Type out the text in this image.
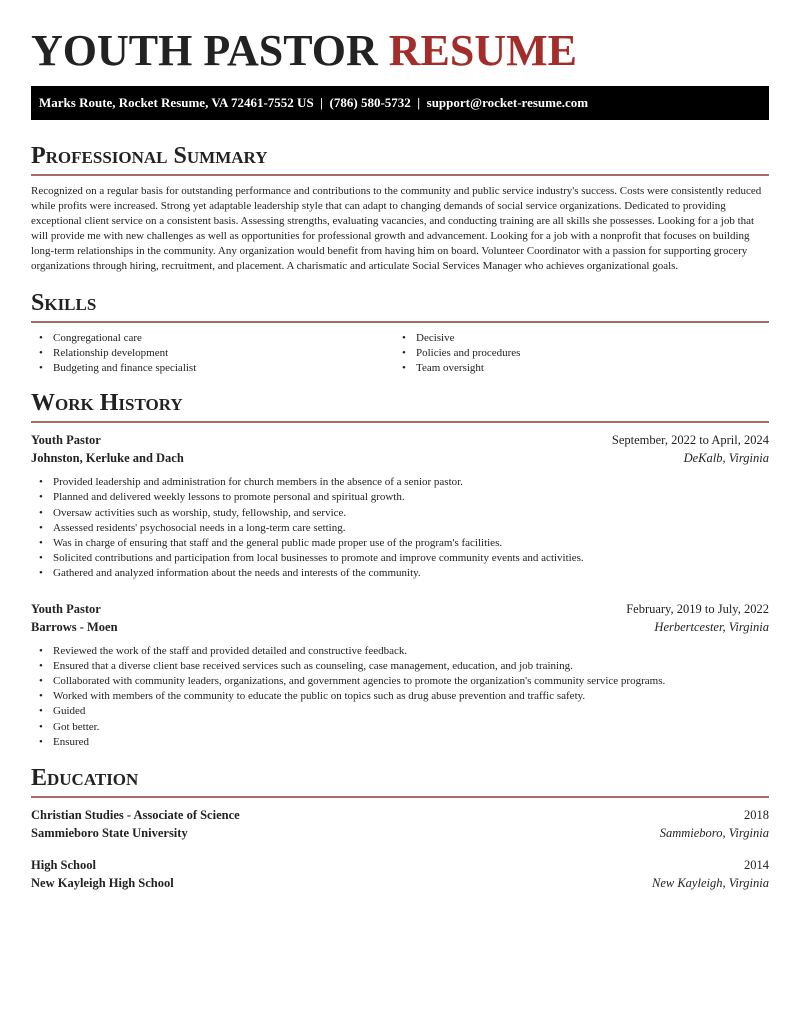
YOUTH PASTOR RESUME
Marks Route, Rocket Resume, VA 72461-7552 US  |  (786) 580-5732  |  support@rocket-resume.com
Professional Summary

Recognized on a regular basis for outstanding performance and contributions to the community and public service industry's success. Costs were consistently reduced while profits were increased. Strong yet adaptable leadership style that can adapt to changing demands of social service organizations. Dedicated to providing exceptional client service on a consistent basis. Assessing strengths, evaluating vacancies, and conducting training are all skills she possesses. Looking for a job that will provide me with new challenges as well as opportunities for professional growth and advancement. Looking for a job with a nonprofit that focuses on building long-term relationships in the community. Any organization would benefit from having him on board. Volunteer Coordinator with a passion for supporting grocery organizations through hiring, recruitment, and placement. A charismatic and articulate Social Services Manager who achieves organizational goals.

Skills
• Congregational care
• Relationship development
• Budgeting and finance specialist
• Decisive
• Policies and procedures
• Team oversight
Work History
Youth Pastor	September, 2022 to April, 2024
Johnston, Kerluke and Dach	DeKalb, Virginia
• Provided leadership and administration for church members in the absence of a senior pastor.
• Planned and delivered weekly lessons to promote personal and spiritual growth.
• Oversaw activities such as worship, study, fellowship, and service.
• Assessed residents' psychosocial needs in a long-term care setting.
• Was in charge of ensuring that staff and the general public made proper use of the program's facilities.
• Solicited contributions and participation from local businesses to promote and improve community events and activities.
• Gathered and analyzed information about the needs and interests of the community.
Youth Pastor	February, 2019 to July, 2022
Barrows - Moen	Herbertcester, Virginia
• Reviewed the work of the staff and provided detailed and constructive feedback.
• Ensured that a diverse client base received services such as counseling, case management, education, and job training.
• Collaborated with community leaders, organizations, and government agencies to promote the organization's community service programs.
• Worked with members of the community to educate the public on topics such as drug abuse prevention and traffic safety.
• Guided
• Got better.
• Ensured
Education
Christian Studies - Associate of Science	2018
Sammieboro State University	Sammieboro, Virginia
High School	2014
New Kayleigh High School	New Kayleigh, Virginia
